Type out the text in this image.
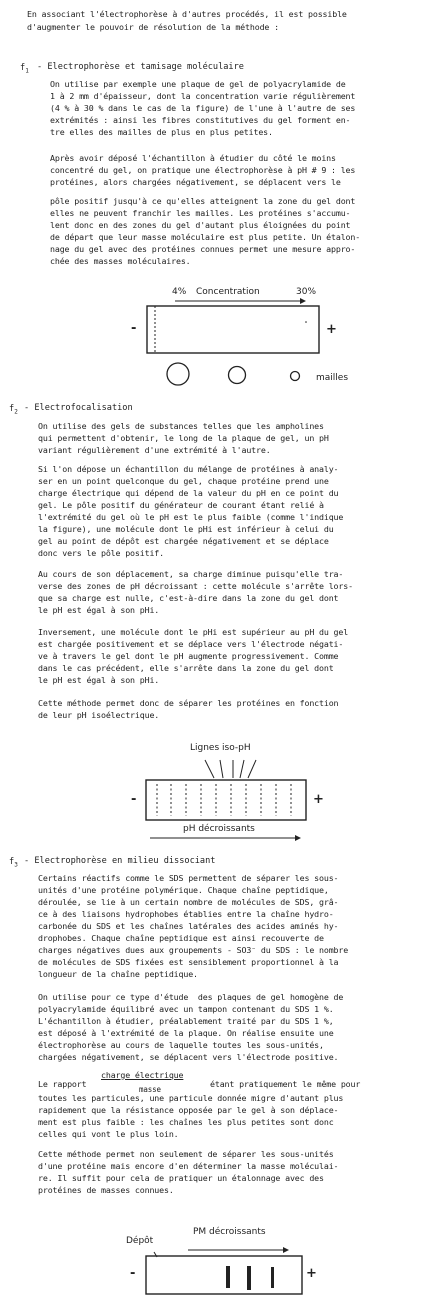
En associant l'électrophorèse à d'autres procédés, il est possible
d'augmenter le pouvoir de résolution de la méthode :
$f_1$ - Electrophorèse et tamisage moléculaire
On utilise par exemple une plaque de gel de polyacrylamide de
1 à 2 mm d'épaisseur, dont la concentration varie régulièrement
(4 % à 30 % dans le cas de la figure) de l'une à l'autre de ses
extrémités : ainsi les fibres constitutives du gel forment en-
tre elles des mailles de plus en plus petites.
Après avoir déposé l'échantillon à étudier du côté le moins
concentré du gel, on pratique une électrophorèse à pH # 9 : les
protéines, alors chargées négativement, se déplacent vers le
pôle positif jusqu'à ce qu'elles atteignent la zone du gel dont
elles ne peuvent franchir les mailles. Les protéines s'accumu-
lent donc en des zones du gel d'autant plus éloignées du point
de départ que leur masse moléculaire est plus petite. Un étalon-
nage du gel avec des protéines connues permet une mesure appro-
chée des masses moléculaires.
4% Concentration	30%
-	+
mailles
$f_2$ - Electrofocalisation
On utilise des gels de substances telles que les ampholines
qui permettent d'obtenir, le long de la plaque de gel, un pH
variant régulièrement d'une extrémité à l'autre.
Si l'on dépose un échantillon du mélange de protéines à analy-
ser en un point quelconque du gel, chaque protéine prend une
charge électrique qui dépend de la valeur du pH en ce point du
gel. Le pôle positif du générateur de courant étant relié à
l'extrémité du gel où le pH est le plus faible (comme l'indique
la figure), une molécule dont le pHi est inférieur à celui du
gel au point de dépôt est chargée négativement et se déplace
donc vers le pôle positif.
Au cours de son déplacement, sa charge diminue puisqu'elle tra-
verse des zones de pH décroissant : cette molécule s'arrête lors-
que sa charge est nulle, c'est-à-dire dans la zone du gel dont
le pH est égal à son pHi.
Inversement, une molécule dont le pHi est supérieur au pH du gel
est chargée positivement et se déplace vers l'électrode négati-
ve à travers le gel dont le pH augmente progressivement. Comme
dans le cas précédent, elle s'arrête dans la zone du gel dont
le pH est égal à son pHi.
Cette méthode permet donc de séparer les protéines en fonction
de leur pH isoélectrique.
Lignes iso-pH
-	+
pH décroissants
$f_3$ - Electrophorèse en milieu dissociant
Certains réactifs comme le SDS permettent de séparer les sous-
unités d'une protéine polymérique. Chaque chaîne peptidique,
déroulée, se lie à un certain nombre de molécules de SDS, grâ-
ce à des liaisons hydrophobes établies entre la chaîne hydro-
carbonée du SDS et les chaînes latérales des acides aminés hy-
drophobes. Chaque chaîne peptidique est ainsi recouverte de
charges négatives dues aux groupements - SO3⁻ du SDS : le nombre
de molécules de SDS fixées est sensiblement proportionnel à la
longueur de la chaîne peptidique.
On utilise pour ce type d'étude  des plaques de gel homogène de
polyacrylamide équilibré avec un tampon contenant du SDS 1 %.
L'échantillon à étudier, préalablement traité par du SDS 1 %,
est déposé à l'extrémité de la plaque. On réalise ensuite une
électrophorèse au cours de laquelle toutes les sous-unités,
chargées négativement, se déplacent vers l'électrode positive.
Le rapport
charge électrique
masse
étant pratiquement le même pour
toutes les particules, une particule donnée migre d'autant plus
rapidement que la résistance opposée par le gel à son déplace-
ment est plus faible : les chaînes les plus petites sont donc
celles qui vont le plus loin.
Cette méthode permet non seulement de séparer les sous-unités
d'une protéine mais encore d'en déterminer la masse moléculai-
re. Il suffit pour cela de pratiquer un étalonnage avec des
protéines de masses connues.
PM décroissants
Dépôt
-	+
